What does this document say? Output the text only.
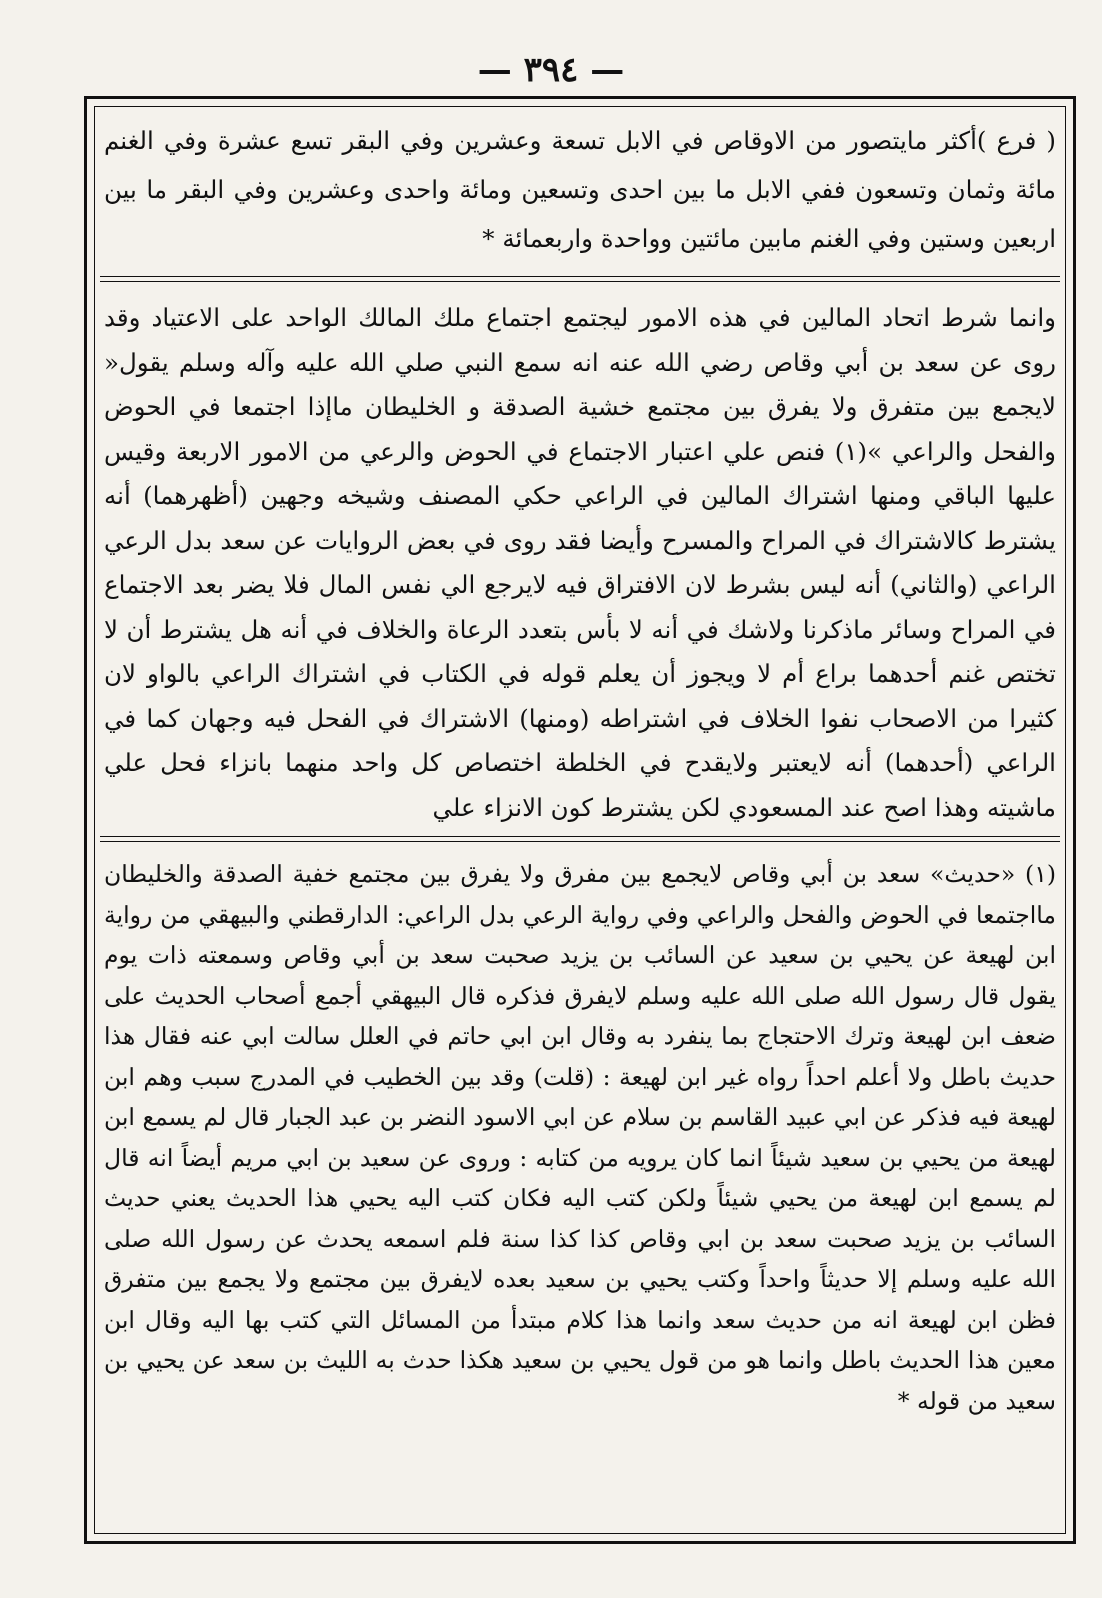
— ٣٩٤ —

( فرع )أكثر مايتصور من الاوقاص في الابل تسعة وعشرين وفي البقر تسع عشرة وفي الغنم مائة وثمان وتسعون ففي الابل ما بين احدى وتسعين ومائة واحدى وعشرين وفي البقر ما بين اربعين وستين وفي الغنم مابين مائتين وواحدة واربعمائة *

وانما شرط اتحاد المالين في هذه الامور ليجتمع اجتماع ملك المالك الواحد على الاعتياد وقد روى عن سعد بن أبي وقاص رضي الله عنه انه سمع النبي صلي الله عليه وآله وسلم يقول« لايجمع بين متفرق ولا يفرق بين مجتمع خشية الصدقة و الخليطان ماإذا اجتمعا في الحوض والفحل والراعي »(١) فنص علي اعتبار الاجتماع في الحوض والرعي من الامور الاربعة وقيس عليها الباقي ومنها اشتراك المالين في الراعي حكي المصنف وشيخه وجهين (أظهرهما) أنه يشترط كالاشتراك في المراح والمسرح وأيضا فقد روى في بعض الروايات عن سعد بدل الرعي الراعي (والثاني) أنه ليس بشرط لان الافتراق فيه لايرجع الي نفس المال فلا يضر بعد الاجتماع في المراح وسائر ماذكرنا ولاشك في أنه لا بأس بتعدد الرعاة والخلاف في أنه هل يشترط أن لا تختص غنم أحدهما براع أم لا ويجوز أن يعلم قوله في الكتاب في اشتراك الراعي بالواو لان كثيرا من الاصحاب نفوا الخلاف في اشتراطه (ومنها) الاشتراك في الفحل فيه وجهان كما في الراعي (أحدهما) أنه لايعتبر ولايقدح في الخلطة اختصاص كل واحد منهما بانزاء فحل علي ماشيته وهذا اصح عند المسعودي لكن يشترط كون الانزاء علي

(١) «حديث» سعد بن أبي وقاص لايجمع بين مفرق ولا يفرق بين مجتمع خفية الصدقة والخليطان مااجتمعا في الحوض والفحل والراعي وفي رواية الرعي بدل الراعي: الدارقطني والبيهقي من رواية ابن لهيعة عن يحيي بن سعيد عن السائب بن يزيد صحبت سعد بن أبي وقاص وسمعته ذات يوم يقول قال رسول الله صلى الله عليه وسلم لايفرق فذكره قال البيهقي أجمع أصحاب الحديث على ضعف ابن لهيعة وترك الاحتجاج بما ينفرد به وقال ابن ابي حاتم في العلل سالت ابي عنه فقال هذا حديث باطل ولا أعلم احداً رواه غير ابن لهيعة : (قلت) وقد بين الخطيب في المدرج سبب وهم ابن لهيعة فيه فذكر عن ابي عبيد القاسم بن سلام عن ابي الاسود النضر بن عبد الجبار قال لم يسمع ابن لهيعة من يحيي بن سعيد شيئاً انما كان يرويه من كتابه : وروى عن سعيد بن ابي مريم أيضاً انه قال لم يسمع ابن لهيعة من يحيي شيئاً ولكن كتب اليه فكان كتب اليه يحيي هذا الحديث يعني حديث السائب بن يزيد صحبت سعد بن ابي وقاص كذا كذا سنة فلم اسمعه يحدث عن رسول الله صلى الله عليه وسلم إلا حديثاً واحداً وكتب يحيي بن سعيد بعده لايفرق بين مجتمع ولا يجمع بين متفرق فظن ابن لهيعة انه من حديث سعد وانما هذا كلام مبتدأ من المسائل التي كتب بها اليه وقال ابن معين هذا الحديث باطل وانما هو من قول يحيي بن سعيد هكذا حدث به الليث بن سعد عن يحيي بن سعيد من قوله *
